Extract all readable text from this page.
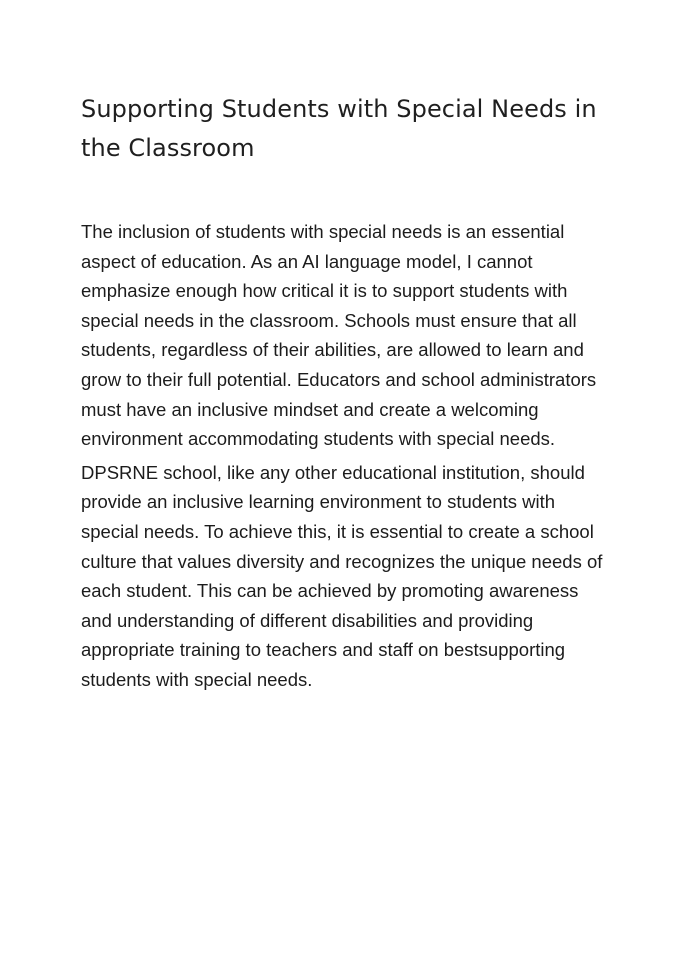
Supporting Students with Special Needs in the Classroom

The inclusion of students with special needs is an essential aspect of education. As an AI language model, I cannot emphasize enough how critical it is to support students with special needs in the classroom. Schools must ensure that all students, regardless of their abilities, are allowed to learn and grow to their full potential. Educators and school administrators must have an inclusive mindset and create a welcoming environment accommodating students with special needs.

DPSRNE school, like any other educational institution, should provide an inclusive learning environment to students with special needs. To achieve this, it is essential to create a school culture that values diversity and recognizes the unique needs of each student. This can be achieved by promoting awareness and understanding of different disabilities and providing appropriate training to teachers and staff on bestsupporting students with special needs.
